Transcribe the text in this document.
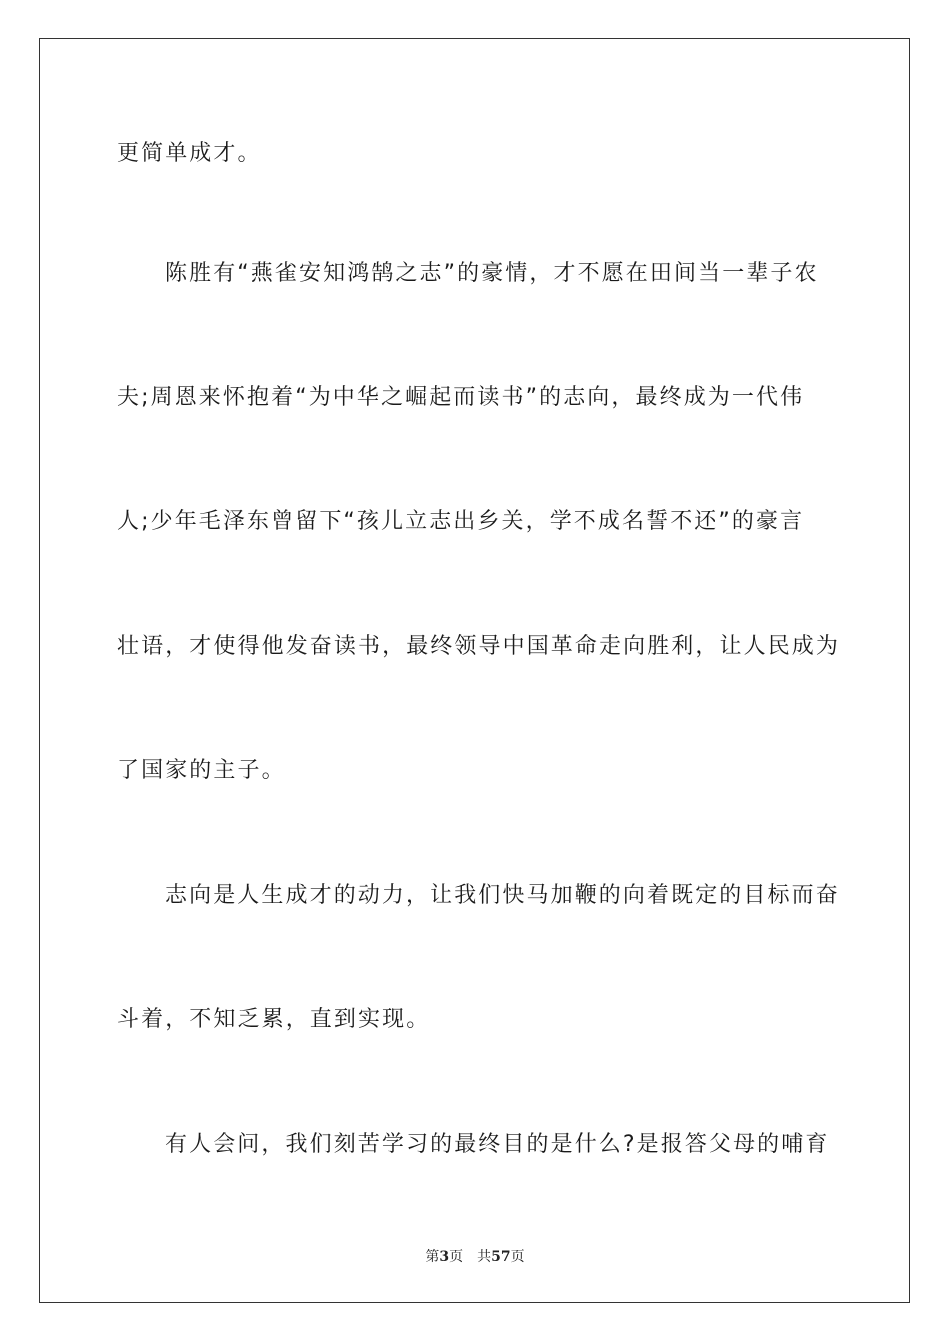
更简单成才。
陈胜有“燕雀安知鸿鹄之志”的豪情，才不愿在田间当一辈子农
夫;周恩来怀抱着“为中华之崛起而读书”的志向，最终成为一代伟
人;少年毛泽东曾留下“孩儿立志出乡关，学不成名誓不还”的豪言
壮语，才使得他发奋读书，最终领导中国革命走向胜利，让人民成为
了国家的主子。
志向是人生成才的动力，让我们快马加鞭的向着既定的目标而奋
斗着，不知乏累，直到实现。
有人会问，我们刻苦学习的最终目的是什么?是报答父母的哺育
第3页 共57页
